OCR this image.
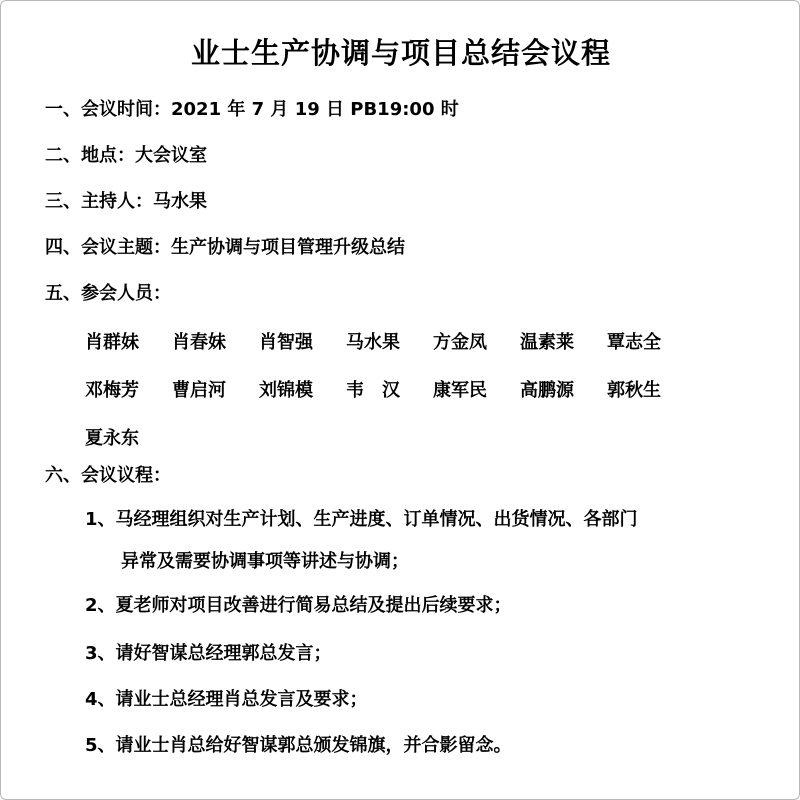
业士生产协调与项目总结会议程
一、会议时间：2021 年 7 月 19 日 PB19:00 时
二、地点：大会议室
三、主持人：马水果
四、会议主题：生产协调与项目管理升级总结
五、参会人员：
肖群妹	肖春妹	肖智强	马水果	方金凤	温素莱	覃志全
邓梅芳	曹启河	刘锦模	韦　汉	康军民	高鹏源	郭秋生
夏永东
六、会议议程：
1、马经理组织对生产计划、生产进度、订单情况、出货情况、各部门
异常及需要协调事项等讲述与协调；
2、夏老师对项目改善进行简易总结及提出后续要求；
3、请好智谋总经理郭总发言；
4、请业士总经理肖总发言及要求；
5、请业士肖总给好智谋郭总颁发锦旗，并合影留念。
